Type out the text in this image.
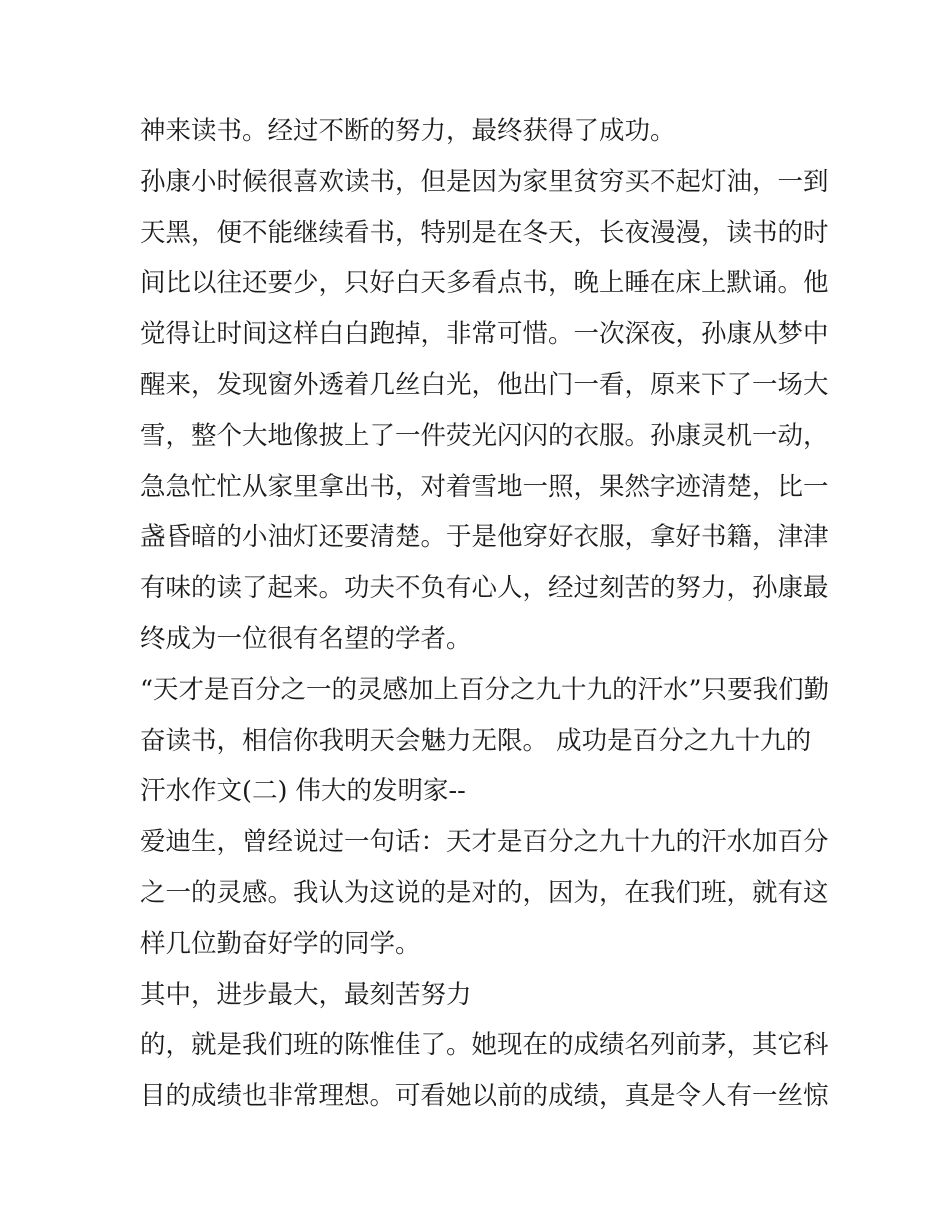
神来读书。经过不断的努力，最终获得了成功。
孙康小时候很喜欢读书，但是因为家里贫穷买不起灯油，一到
天黑，便不能继续看书，特别是在冬天，长夜漫漫，读书的时
间比以往还要少，只好白天多看点书，晚上睡在床上默诵。他
觉得让时间这样白白跑掉，非常可惜。一次深夜，孙康从梦中
醒来，发现窗外透着几丝白光，他出门一看，原来下了一场大
雪，整个大地像披上了一件荧光闪闪的衣服。孙康灵机一动，
急急忙忙从家里拿出书，对着雪地一照，果然字迹清楚，比一
盏昏暗的小油灯还要清楚。于是他穿好衣服，拿好书籍，津津
有味的读了起来。功夫不负有心人，经过刻苦的努力，孙康最
终成为一位很有名望的学者。
“天才是百分之一的灵感加上百分之九十九的汗水”只要我们勤
奋读书，相信你我明天会魅力无限。 成功是百分之九十九的
汗水作文(二) 伟大的发明家--
爱迪生，曾经说过一句话：天才是百分之九十九的汗水加百分
之一的灵感。我认为这说的是对的，因为，在我们班，就有这
样几位勤奋好学的同学。
其中，进步最大，最刻苦努力
的，就是我们班的陈惟佳了。她现在的成绩名列前茅，其它科
目的成绩也非常理想。可看她以前的成绩，真是令人有一丝惊
